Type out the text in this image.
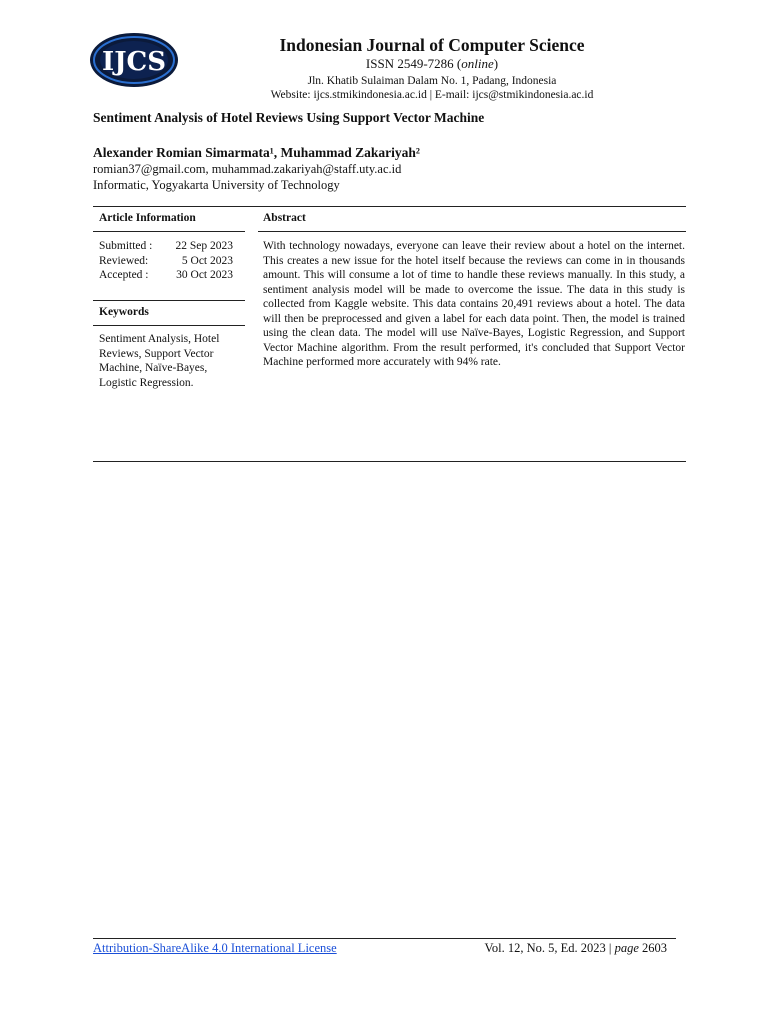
IJCS
Indonesian Journal of Computer Science
ISSN 2549-7286 (online)
Jln. Khatib Sulaiman Dalam No. 1, Padang, Indonesia
Website: ijcs.stmikindonesia.ac.id | E-mail: ijcs@stmikindonesia.ac.id
Sentiment Analysis of Hotel Reviews Using Support Vector Machine
Alexander Romian Simarmata¹, Muhammad Zakariyah²
romian37@gmail.com, muhammad.zakariyah@staff.uty.ac.id
Informatic, Yogyakarta University of Technology
Article Information	Abstract
Keywords
Submitted :	22 Sep 2023
Reviewed:	5 Oct 2023
Accepted :	30 Oct 2023
Sentiment Analysis, Hotel Reviews, Support Vector Machine, Naïve-Bayes, Logistic Regression.
With technology nowadays, everyone can leave their review about a hotel on the internet. This creates a new issue for the hotel itself because the reviews can come in in thousands amount. This will consume a lot of time to handle these reviews manually. In this study, a sentiment analysis model will be made to overcome the issue. The data in this study is collected from Kaggle website. This data contains 20,491 reviews about a hotel. The data will then be preprocessed and given a label for each data point. Then, the model is trained using the clean data. The model will use Naïve-Bayes, Logistic Regression, and Support Vector Machine algorithm. From the result performed, it's concluded that Support Vector Machine performed more accurately with 94% rate.
Attribution-ShareAlike 4.0 International License	Vol. 12, No. 5, Ed. 2023 | page 2603
